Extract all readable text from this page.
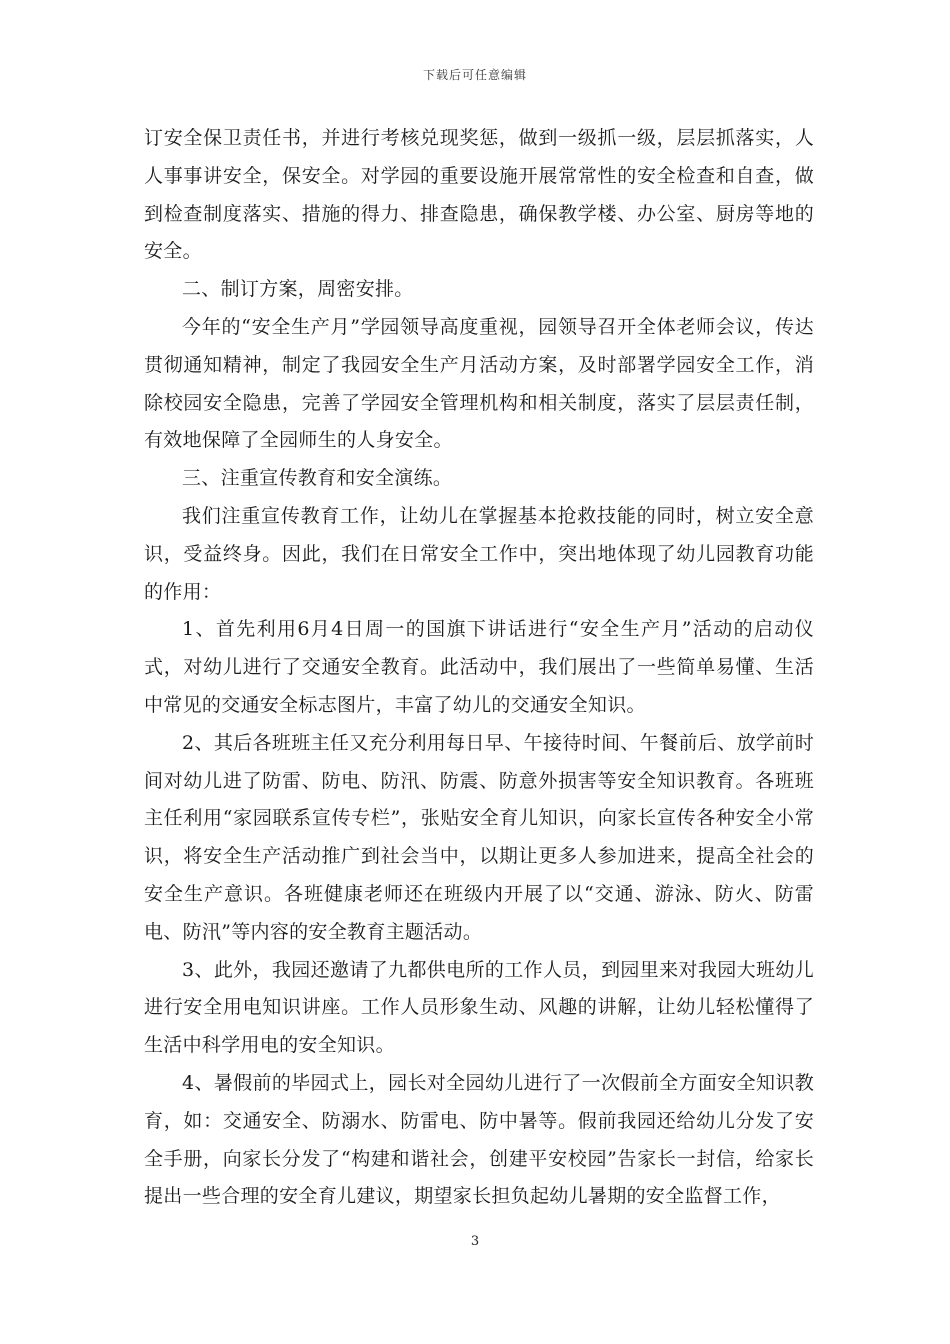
下载后可任意编辑

订安全保卫责任书，并进行考核兑现奖惩，做到一级抓一级，层层抓落实，人人事事讲安全，保安全。对学园的重要设施开展常常性的安全检查和自查，做到检查制度落实、措施的得力、排查隐患，确保教学楼、办公室、厨房等地的安全。

二、制订方案，周密安排。

今年的“安全生产月”学园领导高度重视，园领导召开全体老师会议，传达贯彻通知精神，制定了我园安全生产月活动方案，及时部署学园安全工作，消除校园安全隐患，完善了学园安全管理机构和相关制度，落实了层层责任制，有效地保障了全园师生的人身安全。

三、注重宣传教育和安全演练。

我们注重宣传教育工作，让幼儿在掌握基本抢救技能的同时，树立安全意识，受益终身。因此，我们在日常安全工作中，突出地体现了幼儿园教育功能的作用：

1、首先利用6月4日周一的国旗下讲话进行“安全生产月”活动的启动仪式，对幼儿进行了交通安全教育。此活动中，我们展出了一些简单易懂、生活中常见的交通安全标志图片，丰富了幼儿的交通安全知识。

2、其后各班班主任又充分利用每日早、午接待时间、午餐前后、放学前时间对幼儿进了防雷、防电、防汛、防震、防意外损害等安全知识教育。各班班主任利用“家园联系宣传专栏”，张贴安全育儿知识，向家长宣传各种安全小常识，将安全生产活动推广到社会当中，以期让更多人参加进来，提高全社会的安全生产意识。各班健康老师还在班级内开展了以“交通、游泳、防火、防雷电、防汛”等内容的安全教育主题活动。

3、此外，我园还邀请了九都供电所的工作人员，到园里来对我园大班幼儿进行安全用电知识讲座。工作人员形象生动、风趣的讲解，让幼儿轻松懂得了生活中科学用电的安全知识。

4、暑假前的毕园式上，园长对全园幼儿进行了一次假前全方面安全知识教育，如：交通安全、防溺水、防雷电、防中暑等。假前我园还给幼儿分发了安全手册，向家长分发了“构建和谐社会，创建平安校园”告家长一封信，给家长提出一些合理的安全育儿建议，期望家长担负起幼儿暑期的安全监督工作，

3
